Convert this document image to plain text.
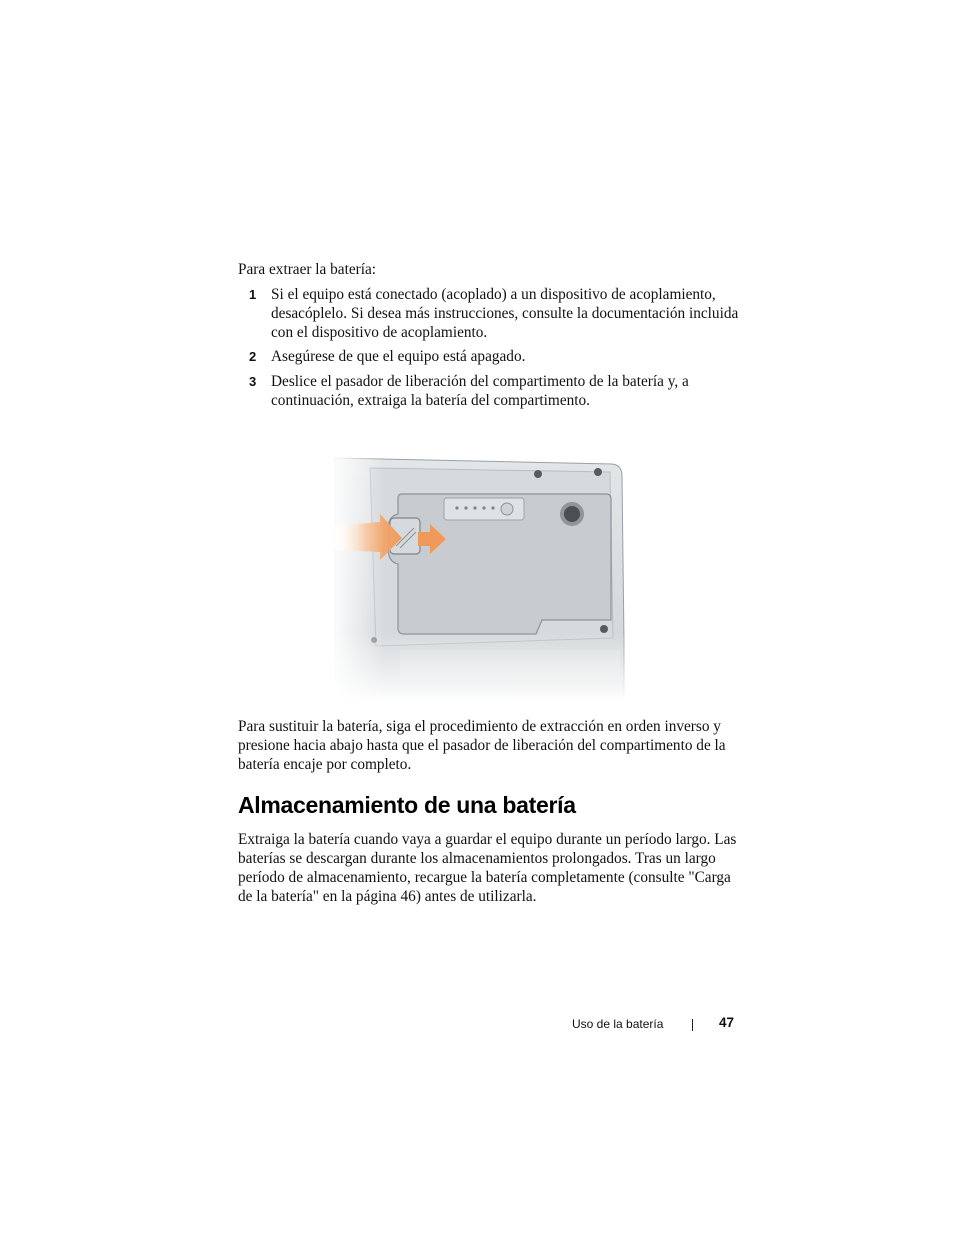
Para extraer la batería:
1 Si el equipo está conectado (acoplado) a un dispositivo de acoplamiento, desacóplelo. Si desea más instrucciones, consulte la documentación incluida con el dispositivo de acoplamiento.
2 Asegúrese de que el equipo está apagado.
3 Deslice el pasador de liberación del compartimento de la batería y, a continuación, extraiga la batería del compartimento.
Para sustituir la batería, siga el procedimiento de extracción en orden inverso y presione hacia abajo hasta que el pasador de liberación del compartimento de la batería encaje por completo.
Almacenamiento de una batería
Extraiga la batería cuando vaya a guardar el equipo durante un período largo. Las baterías se descargan durante los almacenamientos prolongados. Tras un largo período de almacenamiento, recargue la batería completamente (consulte "Carga de la batería" en la página 46) antes de utilizarla.
Uso de la batería	47
